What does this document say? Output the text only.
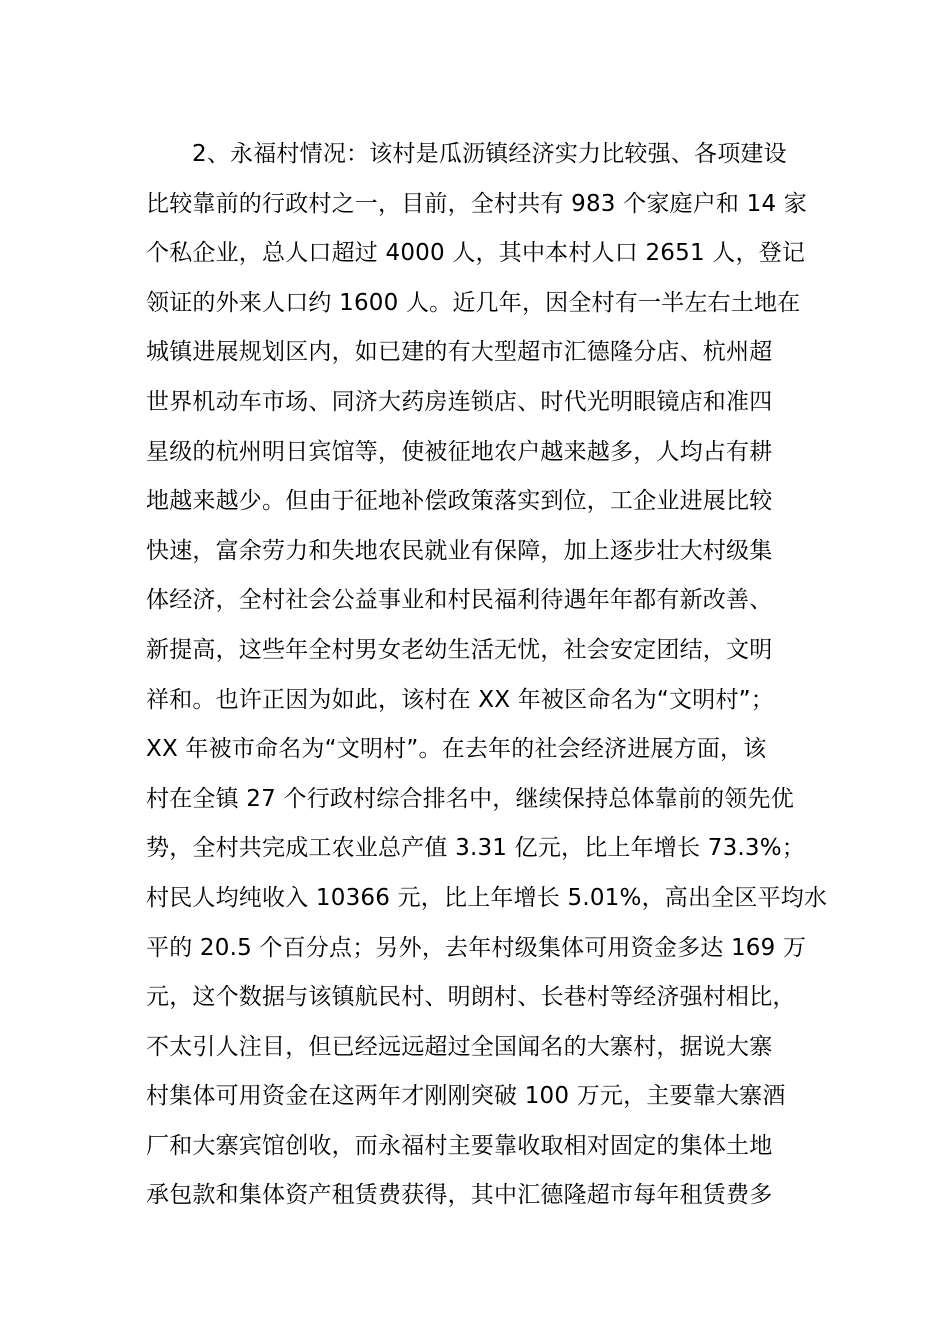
2、永福村情况：该村是瓜沥镇经济实力比较强、各项建设
比较靠前的行政村之一，目前，全村共有 983 个家庭户和 14 家
个私企业，总人口超过 4000 人，其中本村人口 2651 人，登记
领证的外来人口约 1600 人。近几年，因全村有一半左右土地在
城镇进展规划区内，如已建的有大型超市汇德隆分店、杭州超
世界机动车市场、同济大药房连锁店、时代光明眼镜店和准四
星级的杭州明日宾馆等，使被征地农户越来越多，人均占有耕
地越来越少。但由于征地补偿政策落实到位，工企业进展比较
快速，富余劳力和失地农民就业有保障，加上逐步壮大村级集
体经济，全村社会公益事业和村民福利待遇年年都有新改善、
新提高，这些年全村男女老幼生活无忧，社会安定团结，文明
祥和。也许正因为如此，该村在 XX 年被区命名为“文明村”；
XX 年被市命名为“文明村”。在去年的社会经济进展方面，该
村在全镇 27 个行政村综合排名中，继续保持总体靠前的领先优
势，全村共完成工农业总产值 3.31 亿元，比上年增长 73.3%；
村民人均纯收入 10366 元，比上年增长 5.01%，高出全区平均水
平的 20.5 个百分点；另外，去年村级集体可用资金多达 169 万
元，这个数据与该镇航民村、明朗村、长巷村等经济强村相比，
不太引人注目，但已经远远超过全国闻名的大寨村，据说大寨
村集体可用资金在这两年才刚刚突破 100 万元，主要靠大寨酒
厂和大寨宾馆创收，而永福村主要靠收取相对固定的集体土地
承包款和集体资产租赁费获得，其中汇德隆超市每年租赁费多
